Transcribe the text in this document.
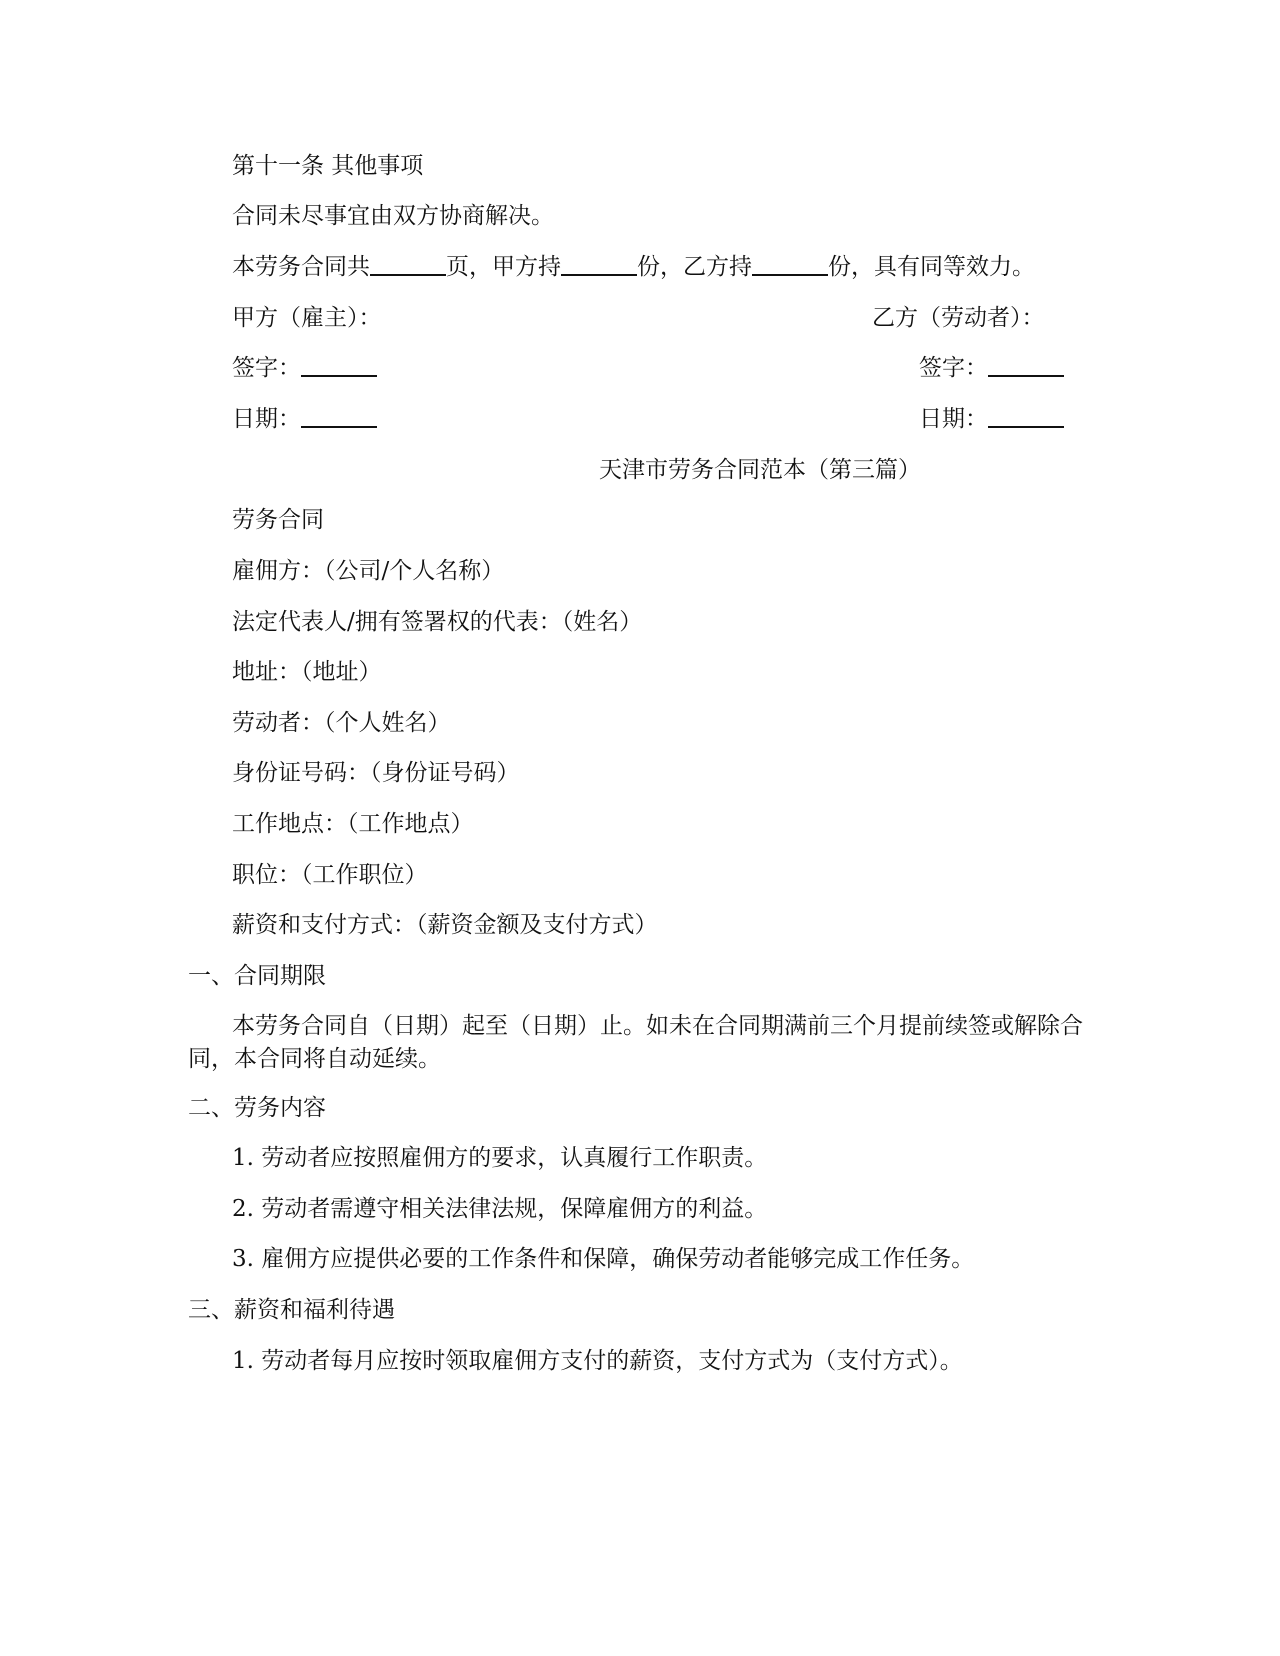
第十一条 其他事项
合同未尽事宜由双方协商解决。
本劳务合同共	页，甲方持	份，乙方持	份，具有同等效力。
甲方（雇主）：	乙方（劳动者）：
签字：	签字：
日期：	日期：
天津市劳务合同范本（第三篇）
劳务合同
雇佣方：（公司/个人名称）
法定代表人/拥有签署权的代表：（姓名）
地址：（地址）
劳动者：（个人姓名）
身份证号码：（身份证号码）
工作地点：（工作地点）
职位：（工作职位）
薪资和支付方式：（薪资金额及支付方式）
一、合同期限
本劳务合同自（日期）起至（日期）止。如未在合同期满前三个月提前续签或解除合同，本合同将自动延续。
二、劳务内容
1. 劳动者应按照雇佣方的要求，认真履行工作职责。
2. 劳动者需遵守相关法律法规，保障雇佣方的利益。
3. 雇佣方应提供必要的工作条件和保障，确保劳动者能够完成工作任务。
三、薪资和福利待遇
1. 劳动者每月应按时领取雇佣方支付的薪资，支付方式为（支付方式）。
